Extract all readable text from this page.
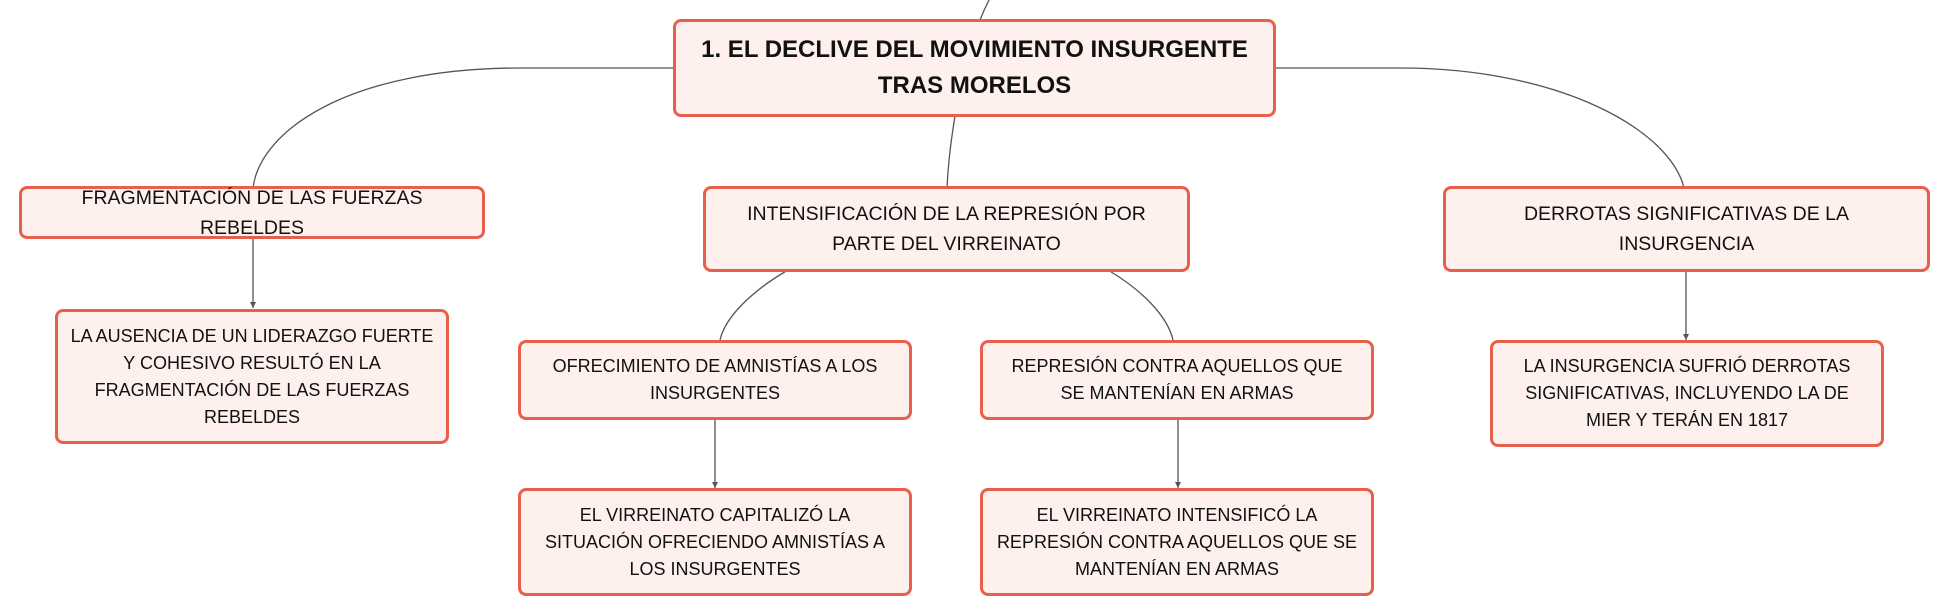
1. EL DECLIVE DEL MOVIMIENTO INSURGENTE TRAS MORELOS
FRAGMENTACIÓN DE LAS FUERZAS REBELDES
INTENSIFICACIÓN DE LA REPRESIÓN POR PARTE DEL VIRREINATO
DERROTAS SIGNIFICATIVAS DE LA INSURGENCIA
LA AUSENCIA DE UN LIDERAZGO FUERTE Y COHESIVO RESULTÓ EN LA FRAGMENTACIÓN DE LAS FUERZAS REBELDES
OFRECIMIENTO DE AMNISTÍAS A LOS INSURGENTES
REPRESIÓN CONTRA AQUELLOS QUE SE MANTENÍAN EN ARMAS
LA INSURGENCIA SUFRIÓ DERROTAS SIGNIFICATIVAS, INCLUYENDO LA DE MIER Y TERÁN EN 1817
EL VIRREINATO CAPITALIZÓ LA SITUACIÓN OFRECIENDO AMNISTÍAS A LOS INSURGENTES
EL VIRREINATO INTENSIFICÓ LA REPRESIÓN CONTRA AQUELLOS QUE SE MANTENÍAN EN ARMAS
